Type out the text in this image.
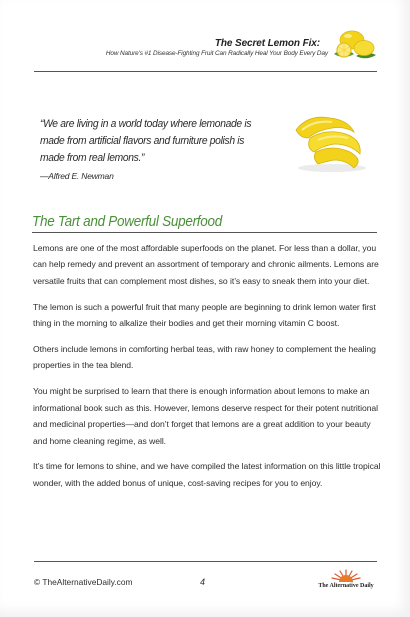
The Secret Lemon Fix:
How Nature's #1 Disease-Fighting Fruit Can Radically Heal Your Body Every Day
“We are living in a world today where lemonade is made from artificial flavors and furniture polish is made from real lemons.”
—Alfred E. Newman
The Tart and Powerful Superfood

Lemons are one of the most affordable superfoods on the planet. For less than a dollar, you can help remedy and prevent an assortment of temporary and chronic ailments. Lemons are versatile fruits that can complement most dishes, so it’s easy to sneak them into your diet.

The lemon is such a powerful fruit that many people are beginning to drink lemon water first thing in the morning to alkalize their bodies and get their morning vitamin C boost.

Others include lemons in comforting herbal teas, with raw honey to complement the healing properties in the tea blend.

You might be surprised to learn that there is enough information about lemons to make an informational book such as this. However, lemons deserve respect for their potent nutritional and medicinal properties—and don’t forget that lemons are a great addition to your beauty and home cleaning regime, as well.

It’s time for lemons to shine, and we have compiled the latest information on this little tropical wonder, with the added bonus of unique, cost-saving recipes for you to enjoy.

© TheAlternativeDaily.com	4	The Alternative Daily
